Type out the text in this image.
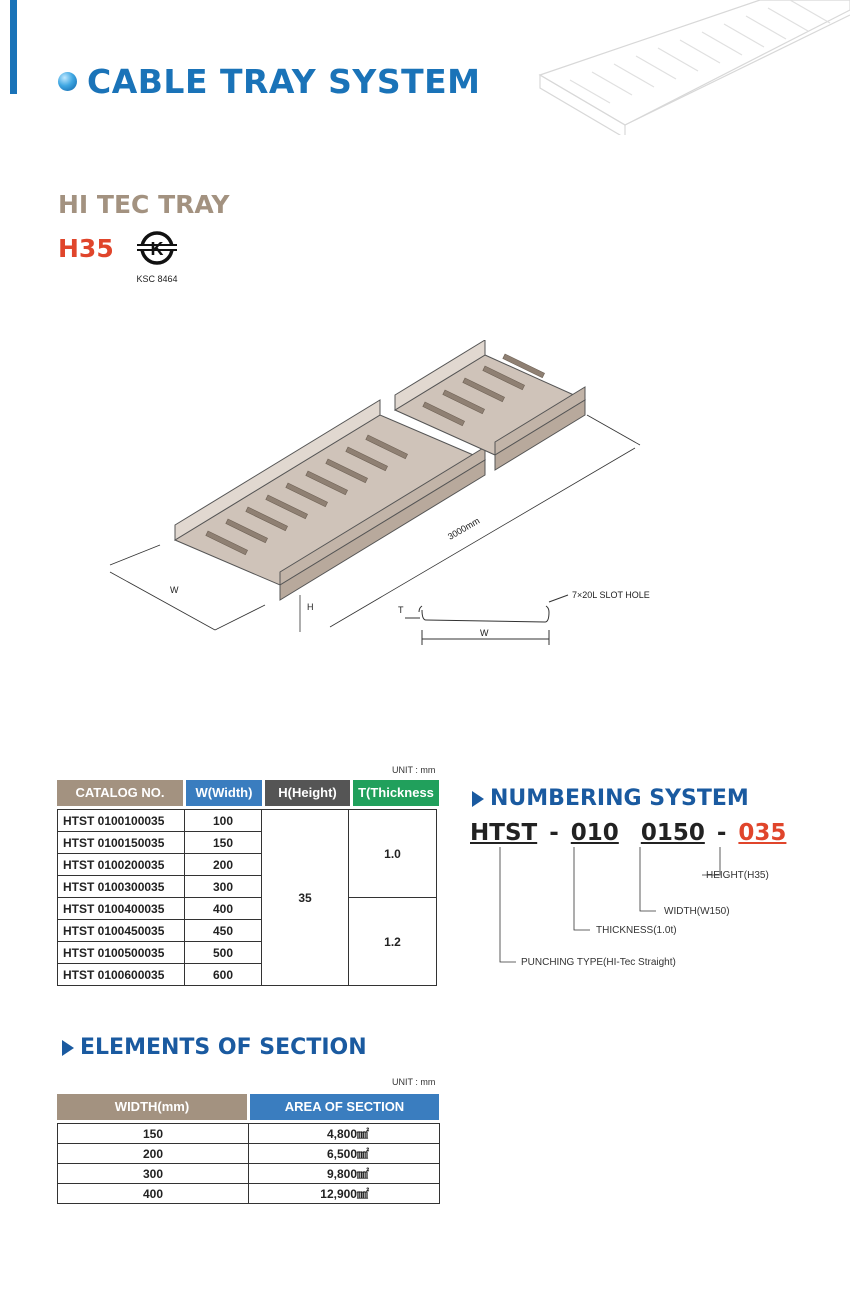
CABLE TRAY SYSTEM
HI TEC TRAY
H35 K
KSC 8464
W
H
3000mm
T
W
7×20L SLOT HOLE
UNIT : mm
CATALOG NO.	W(Width)	H(Height)	T(Thickness
HTST 0100100035	100	35	1.0
HTST 0100150035	150		
HTST 0100200035	200		
HTST 0100300035	300		
HTST 0100400035	400		1.2
HTST 0100450035	450		
HTST 0100500035	500		
HTST 0100600035	600		
NUMBERING SYSTEM
HTST - 010 0150 - 035
HEIGHT(H35)
WIDTH(W150)
THICKNESS(1.0t)
PUNCHING TYPE(HI-Tec Straight)
ELEMENTS OF SECTION
UNIT : mm
WIDTH(mm)	AREA OF SECTION
150	4,800㎟
200	6,500㎟
300	9,800㎟
400	12,900㎟
